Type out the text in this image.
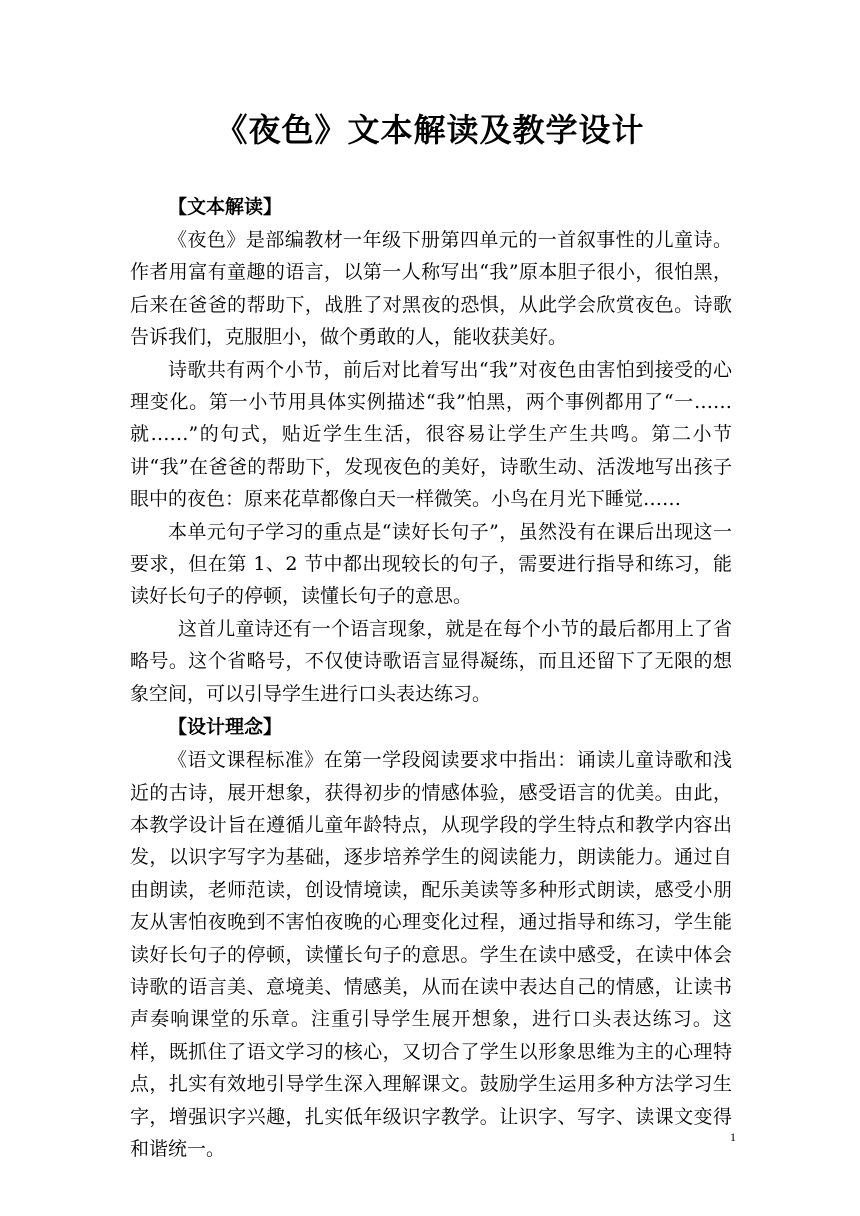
《夜色》文本解读及教学设计

【文本解读】

《夜色》是部编教材一年级下册第四单元的一首叙事性的儿童诗。作者用富有童趣的语言，以第一人称写出“我”原本胆子很小，很怕黑，后来在爸爸的帮助下，战胜了对黑夜的恐惧，从此学会欣赏夜色。诗歌告诉我们，克服胆小，做个勇敢的人，能收获美好。

诗歌共有两个小节，前后对比着写出“我”对夜色由害怕到接受的心理变化。第一小节用具体实例描述“我”怕黑，两个事例都用了“一……就……”的句式，贴近学生生活，很容易让学生产生共鸣。第二小节讲“我”在爸爸的帮助下，发现夜色的美好，诗歌生动、活泼地写出孩子眼中的夜色：原来花草都像白天一样微笑。小鸟在月光下睡觉……

本单元句子学习的重点是“读好长句子”，虽然没有在课后出现这一要求，但在第 1、2 节中都出现较长的句子，需要进行指导和练习，能读好长句子的停顿，读懂长句子的意思。

这首儿童诗还有一个语言现象，就是在每个小节的最后都用上了省略号。这个省略号，不仅使诗歌语言显得凝练，而且还留下了无限的想象空间，可以引导学生进行口头表达练习。

【设计理念】

《语文课程标准》在第一学段阅读要求中指出：诵读儿童诗歌和浅近的古诗，展开想象，获得初步的情感体验，感受语言的优美。由此，本教学设计旨在遵循儿童年龄特点，从现学段的学生特点和教学内容出发，以识字写字为基础，逐步培养学生的阅读能力，朗读能力。通过自由朗读，老师范读，创设情境读，配乐美读等多种形式朗读，感受小朋友从害怕夜晚到不害怕夜晚的心理变化过程，通过指导和练习，学生能读好长句子的停顿，读懂长句子的意思。学生在读中感受，在读中体会诗歌的语言美、意境美、情感美，从而在读中表达自己的情感，让读书声奏响课堂的乐章。注重引导学生展开想象，进行口头表达练习。这样，既抓住了语文学习的核心，又切合了学生以形象思维为主的心理特点，扎实有效地引导学生深入理解课文。鼓励学生运用多种方法学习生字，增强识字兴趣，扎实低年级识字教学。让识字、写字、读课文变得和谐统一。

1
